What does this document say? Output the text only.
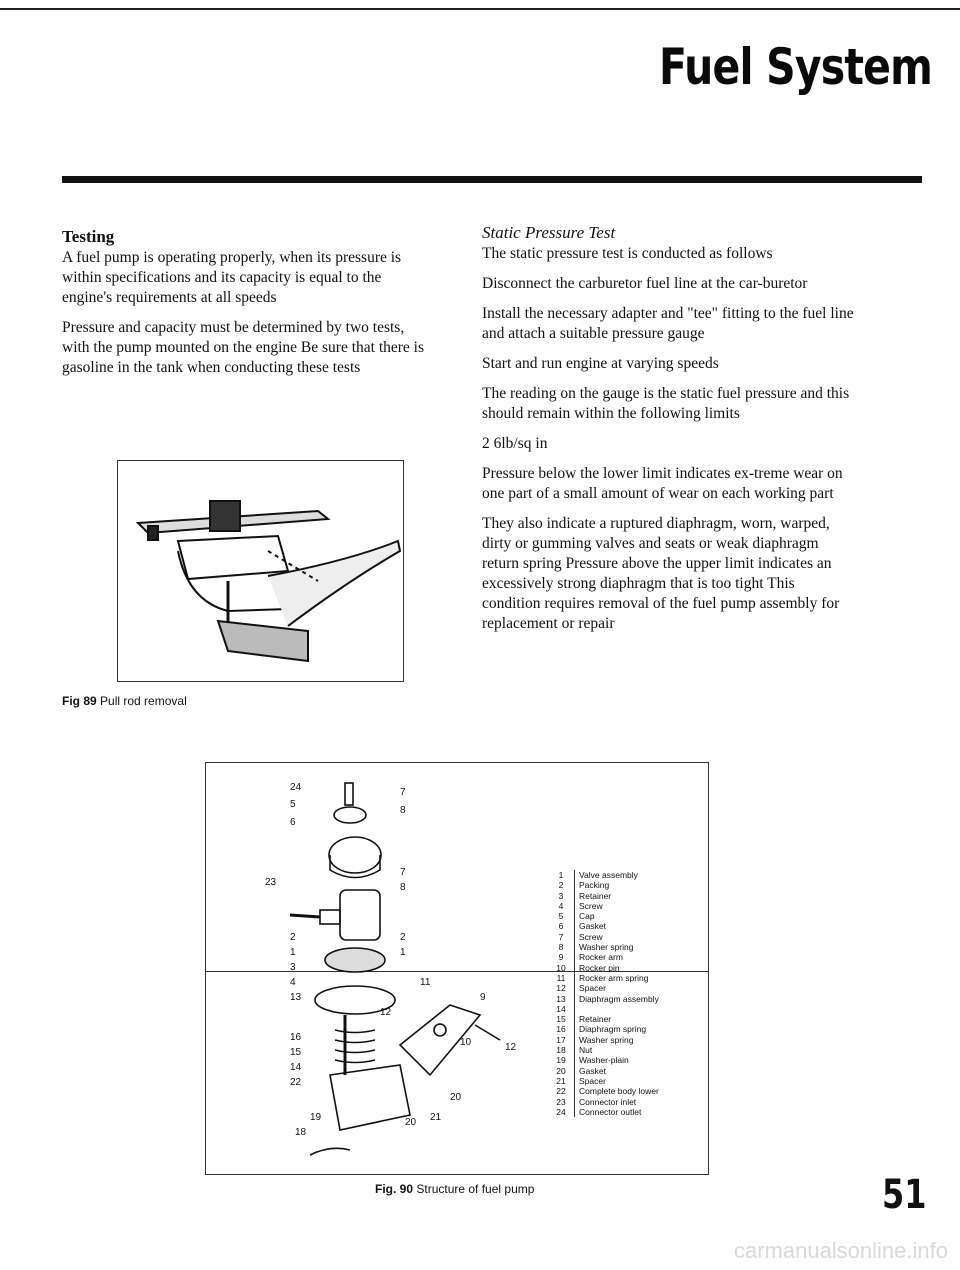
Fuel System
Testing

A fuel pump is operating properly, when its pressure is within specifications and its capacity is equal to the engine's requirements at all speeds

Pressure and capacity must be determined by two tests, with the pump mounted on the engine Be sure that there is gasoline in the tank when conducting these tests

Fig 89 Pull rod removal
Static Pressure Test

The static pressure test is conducted as follows

Disconnect the carburetor fuel line at the car-buretor

Install the necessary adapter and "tee" fitting to the fuel line and attach a suitable pressure gauge

Start and run engine at varying speeds

The reading on the gauge is the static fuel pressure and this should remain within the following limits

2 6lb/sq in

Pressure below the lower limit indicates ex-treme wear on one part of a small amount of wear on each working part

They also indicate a ruptured diaphragm, worn, warped, dirty or gumming valves and seats or weak diaphragm return spring Pressure above the upper limit indicates an excessively strong diaphragm that is too tight This condition requires removal of the fuel pump assembly for replacement or repair

24
5
6
23
2
1
3
4
13
16
15
14
22
19
18
7
8
7
8
2
1
11
12
9
10	12
20
21
20
1	Valve assembly
2	Packing
3	Retainer
4	Screw
5	Cap
6	Gasket
7	Screw
8	Washer spring
9	Rocker arm
10	Rocker pin
11	Rocker arm spring
12	Spacer
13	Diaphragm assembly
14
15	Retainer
16	Diaphragm spring
17	Washer spring
18	Nut
19	Washer-plain
20	Gasket
21	Spacer
22	Complete body lower
23	Connector inlet
24	Connector outlet
Fig. 90 Structure of fuel pump	51
carmanualsonline.info
